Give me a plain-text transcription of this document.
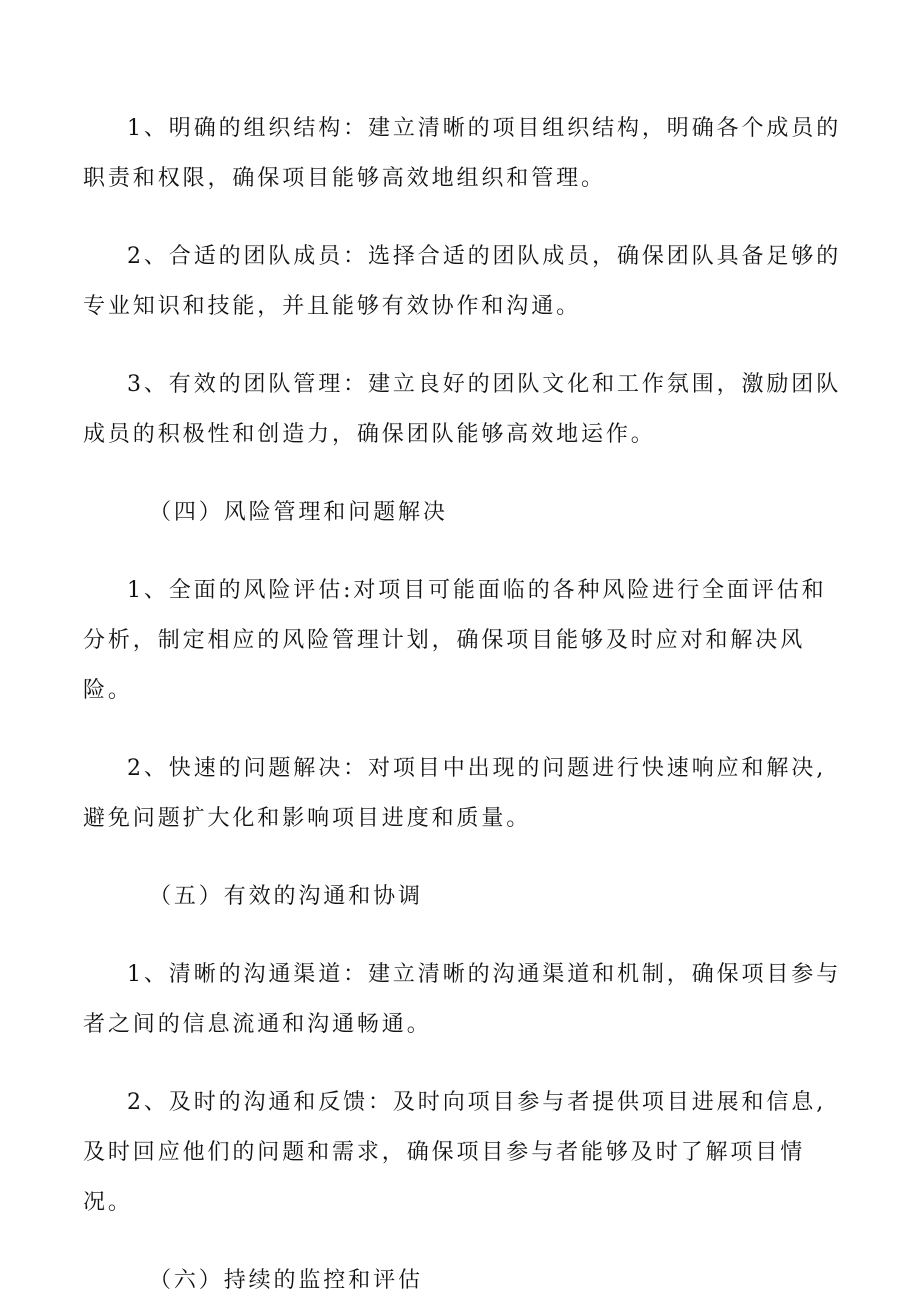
1、明确的组织结构：建立清晰的项目组织结构，明确各个成员的职责和权限，确保项目能够高效地组织和管理。

2、合适的团队成员：选择合适的团队成员，确保团队具备足够的专业知识和技能，并且能够有效协作和沟通。

3、有效的团队管理：建立良好的团队文化和工作氛围，激励团队成员的积极性和创造力，确保团队能够高效地运作。

（四）风险管理和问题解决

1、全面的风险评估:对项目可能面临的各种风险进行全面评估和分析，制定相应的风险管理计划，确保项目能够及时应对和解决风险。

2、快速的问题解决：对项目中出现的问题进行快速响应和解决,避免问题扩大化和影响项目进度和质量。

（五）有效的沟通和协调

1、清晰的沟通渠道：建立清晰的沟通渠道和机制，确保项目参与者之间的信息流通和沟通畅通。

2、及时的沟通和反馈：及时向项目参与者提供项目进展和信息,及时回应他们的问题和需求，确保项目参与者能够及时了解项目情况。

（六）持续的监控和评估
